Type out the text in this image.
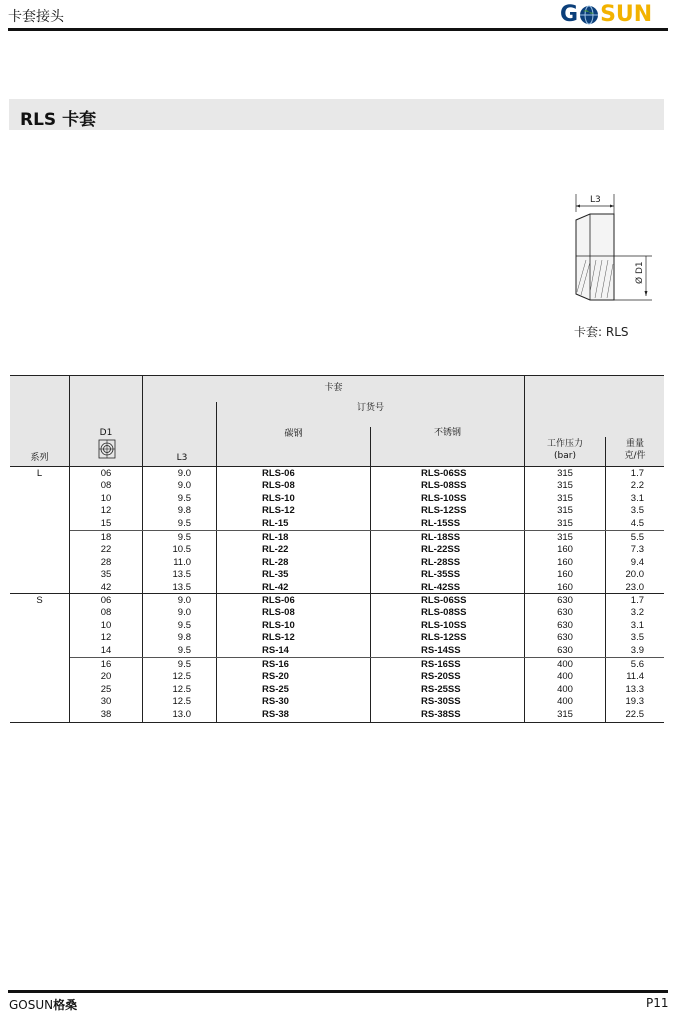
卡套接头	G SUN
RLS 卡套
L3
Ø D1
卡套: RLS
卡套
订货号
碳钢	不锈钢
系列
D1
L3
工作压力
(bar)
重量
克/件
L	06	9.0	RLS-06	RLS-06SS	315	1.7
08	9.0	RLS-08	RLS-08SS	315	2.2
10	9.5	RLS-10	RLS-10SS	315	3.1
12	9.8	RLS-12	RLS-12SS	315	3.5
15	9.5	RL-15	RL-15SS	315	4.5
18	9.5	RL-18	RL-18SS	315	5.5
22	10.5	RL-22	RL-22SS	160	7.3
28	11.0	RL-28	RL-28SS	160	9.4
35	13.5	RL-35	RL-35SS	160	20.0
42	13.5	RL-42	RL-42SS	160	23.0
S	06	9.0	RLS-06	RLS-06SS	630	1.7
08	9.0	RLS-08	RLS-08SS	630	3.2
10	9.5	RLS-10	RLS-10SS	630	3.1
12	9.8	RLS-12	RLS-12SS	630	3.5
14	9.5	RS-14	RS-14SS	630	3.9
16	9.5	RS-16	RS-16SS	400	5.6
20	12.5	RS-20	RS-20SS	400	11.4
25	12.5	RS-25	RS-25SS	400	13.3
30	12.5	RS-30	RS-30SS	400	19.3
38	13.0	RS-38	RS-38SS	315	22.5
GOSUN格桑	P11
